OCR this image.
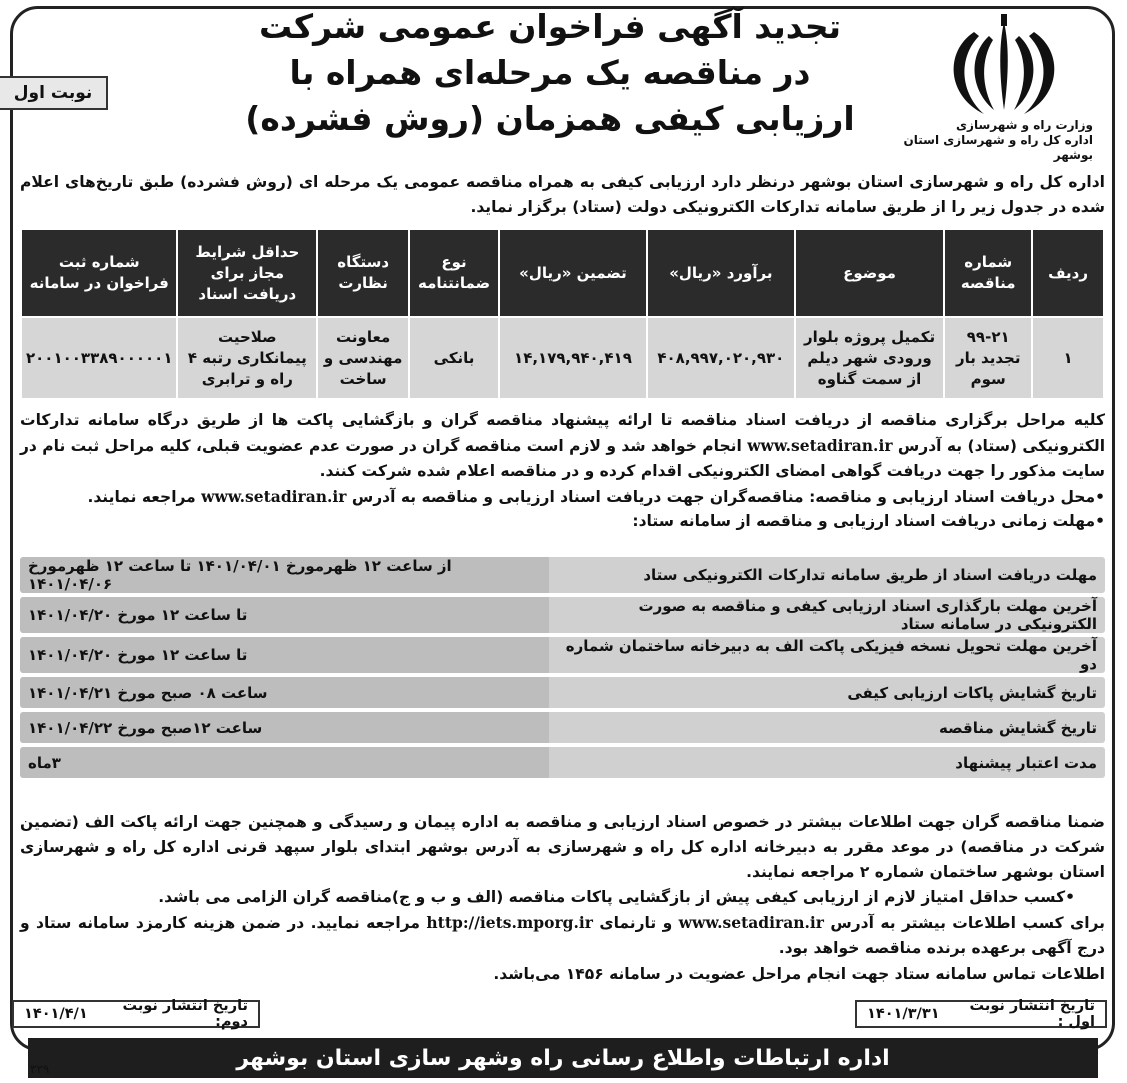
نوبت اول
تجدید آگهی فراخوان عمومی شرکت
در مناقصه یک مرحله‌ای همراه با
ارزیابی کیفی همزمان (روش فشرده)	وزارت راه و شهرسازی
اداره کل راه و شهرسازی استان بوشهر
اداره کل راه و شهرسازی استان بوشهر درنظر دارد ارزیابی کیفی به همراه مناقصه عمومی یک مرحله ای (روش فشرده) طبق تاریخ‌های اعلام شده در جدول زیر را از طریق سامانه تدارکات الکترونیکی دولت (ستاد) برگزار نماید.
ردیف	شماره مناقصه	موضوع	برآورد «ریال»	تضمین «ریال»	نوع ضمانتنامه	دستگاه نظارت	حداقل شرایط مجاز برای دریافت اسناد	شماره ثبت فراخوان در سامانه
۱	۹۹-۲۱ تجدید بار سوم	تکمیل پروژه بلوار ورودی شهر دیلم از سمت گناوه	۴۰۸,۹۹۷,۰۲۰,۹۳۰	۱۴,۱۷۹,۹۴۰,۴۱۹	بانکی	معاونت مهندسی و ساخت	صلاحیت پیمانکاری رتبه ۴ راه و ترابری	۲۰۰۱۰۰۳۳۸۹۰۰۰۰۰۱
کلیه مراحل برگزاری مناقصه از دریافت اسناد مناقصه تا ارائه پیشنهاد مناقصه گران و بازگشایی پاکت ها از طریق درگاه سامانه تدارکات الکترونیکی (ستاد) به آدرس www.setadiran.ir انجام خواهد شد و لازم است مناقصه گران در صورت عدم عضویت قبلی، کلیه مراحل ثبت نام در سایت مذکور را جهت دریافت گواهی امضای الکترونیکی اقدام کرده و در مناقصه اعلام شده شرکت کنند.
•محل دریافت اسناد ارزیابی و مناقصه: مناقصه‌گران جهت دریافت اسناد ارزیابی و مناقصه به آدرس www.setadiran.ir مراجعه نمایند.
•مهلت زمانی دریافت اسناد ارزیابی و مناقصه از سامانه ستاد:
مهلت دریافت اسناد از طریق سامانه تدارکات الکترونیکی ستاد	از ساعت ۱۲ ظهرمورخ ۱۴۰۱/۰۴/۰۱ تا ساعت ۱۲ ظهرمورخ ۱۴۰۱/۰۴/۰۶
آخرین مهلت بارگذاری اسناد ارزیابی کیفی و مناقصه به صورت الکترونیکی در سامانه ستاد	تا ساعت ۱۲ مورخ ۱۴۰۱/۰۴/۲۰
آخرین مهلت تحویل نسخه فیزیکی پاکت الف به دبیرخانه ساختمان شماره دو	تا ساعت ۱۲ مورخ ۱۴۰۱/۰۴/۲۰
تاریخ گشایش پاکات ارزیابی کیفی	ساعت ۰۸ صبح مورخ ۱۴۰۱/۰۴/۲۱
تاریخ گشایش مناقصه	ساعت ۱۲صبح مورخ ۱۴۰۱/۰۴/۲۲
مدت اعتبار پیشنهاد	۳ماه
ضمنا مناقصه گران جهت اطلاعات بیشتر در خصوص اسناد ارزیابی و مناقصه به اداره پیمان و رسیدگی و همچنین جهت ارائه پاکت الف (تضمین شرکت در مناقصه) در موعد مقرر به دبیرخانه اداره کل راه و شهرسازی به آدرس بوشهر ابتدای بلوار سپهد قرنی اداره کل راه و شهرسازی استان بوشهر ساختمان شماره ۲ مراجعه نمایند.
•کسب حداقل امتیاز لازم از ارزیابی کیفی پیش از بازگشایی پاکات مناقصه (الف و ب و ج)مناقصه گران الزامی می باشد.
برای کسب اطلاعات بیشتر به آدرس www.setadiran.ir و تارنمای http://iets.mporg.ir مراجعه نمایید. در ضمن هزینه کارمزد سامانه ستاد و درج آگهی برعهده برنده مناقصه خواهد بود.
اطلاعات تماس سامانه ستاد جهت انجام مراحل عضویت در سامانه ۱۴۵۶ می‌باشد.
تاریخ انتشار نوبت اول :
۱۴۰۱/۳/۳۱
تاریخ انتشار نوبت دوم:
۱۴۰۱/۴/۱
اداره ارتباطات واطلاع رسانی راه وشهر سازی استان بوشهر
۳۲۹
